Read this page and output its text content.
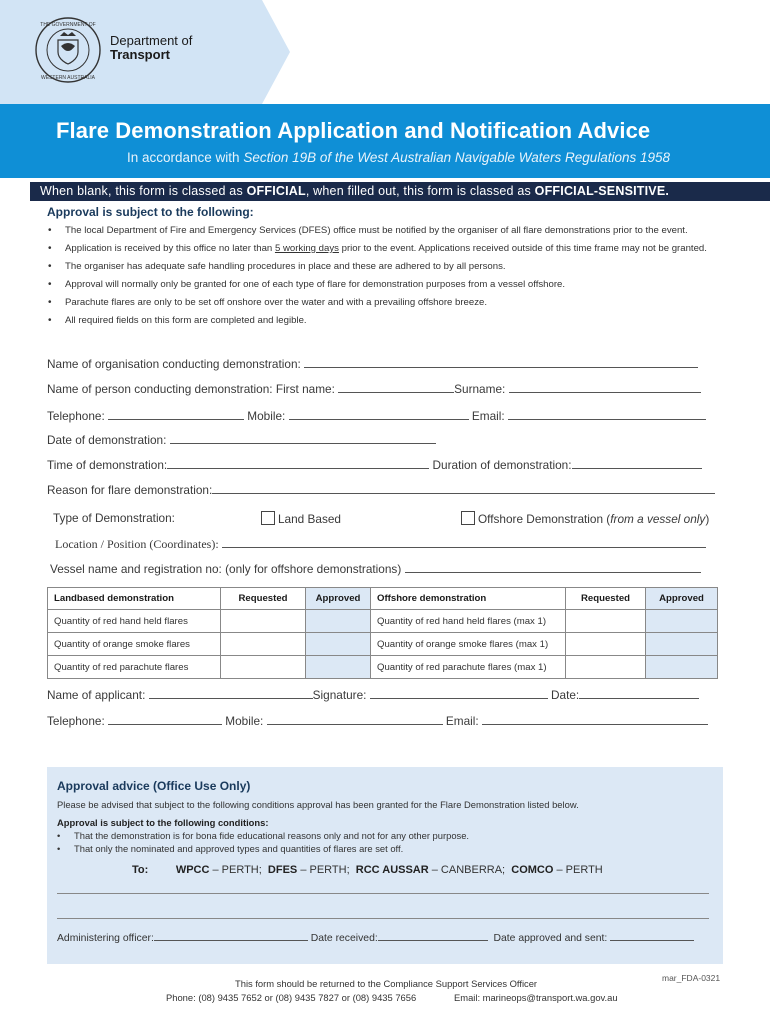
THE GOVERNMENT OF
WESTERN AUSTRALIA
Department of
Transport
Flare Demonstration Application and Notification Advice
In accordance with Section 19B of the West Australian Navigable Waters Regulations 1958
When blank, this form is classed as OFFICIAL, when filled out, this form is classed as OFFICIAL-SENSITIVE.
Approval is subject to the following:
• The local Department of Fire and Emergency Services (DFES) office must be notified by the organiser of all flare demonstrations prior to the event.
• Application is received by this office no later than 5 working days prior to the event. Applications received outside of this time frame may not be granted.
• The organiser has adequate safe handling procedures in place and these are adhered to by all persons.
• Approval will normally only be granted for one of each type of flare for demonstration purposes from a vessel offshore.
• Parachute flares are only to be set off onshore over the water and with a prevailing offshore breeze.
• All required fields on this form are completed and legible.
Name of organisation conducting demonstration:
Name of person conducting demonstration: First name:	Surname:
Telephone:	Mobile:	Email:
Date of demonstration:
Time of demonstration:	Duration of demonstration:
Reason for flare demonstration:
Type of Demonstration:	Land Based	Offshore Demonstration (from a vessel only)
Location / Position (Coordinates):
Vessel name and registration no: (only for offshore demonstrations)
Landbased demonstration	Requested	Approved	Offshore demonstration	Requested	Approved
Quantity of red hand held flares			Quantity of red hand held flares (max 1)		
Quantity of orange smoke flares			Quantity of orange smoke flares (max 1)		
Quantity of red parachute flares			Quantity of red parachute flares (max 1)		
Name of applicant:	Signature:	Date:
Telephone:	Mobile:	Email:
Approval advice (Office Use Only)
Please be advised that subject to the following conditions approval has been granted for the Flare Demonstration listed below.
Approval is subject to the following conditions:
• That the demonstration is for bona fide educational reasons only and not for any other purpose.
• That only the nominated and approved types and quantities of flares are set off.
To:	WPCC – PERTH; DFES – PERTH; RCC AUSSAR – CANBERRA; COMCO – PERTH
Administering officer:	Date received:	Date approved and sent:
This form should be returned to the Compliance Support Services Officer
Phone: (08) 9435 7652 or (08) 9435 7827 or (08) 9435 7656	Email: marineops@transport.wa.gov.au
mar_FDA-0321
